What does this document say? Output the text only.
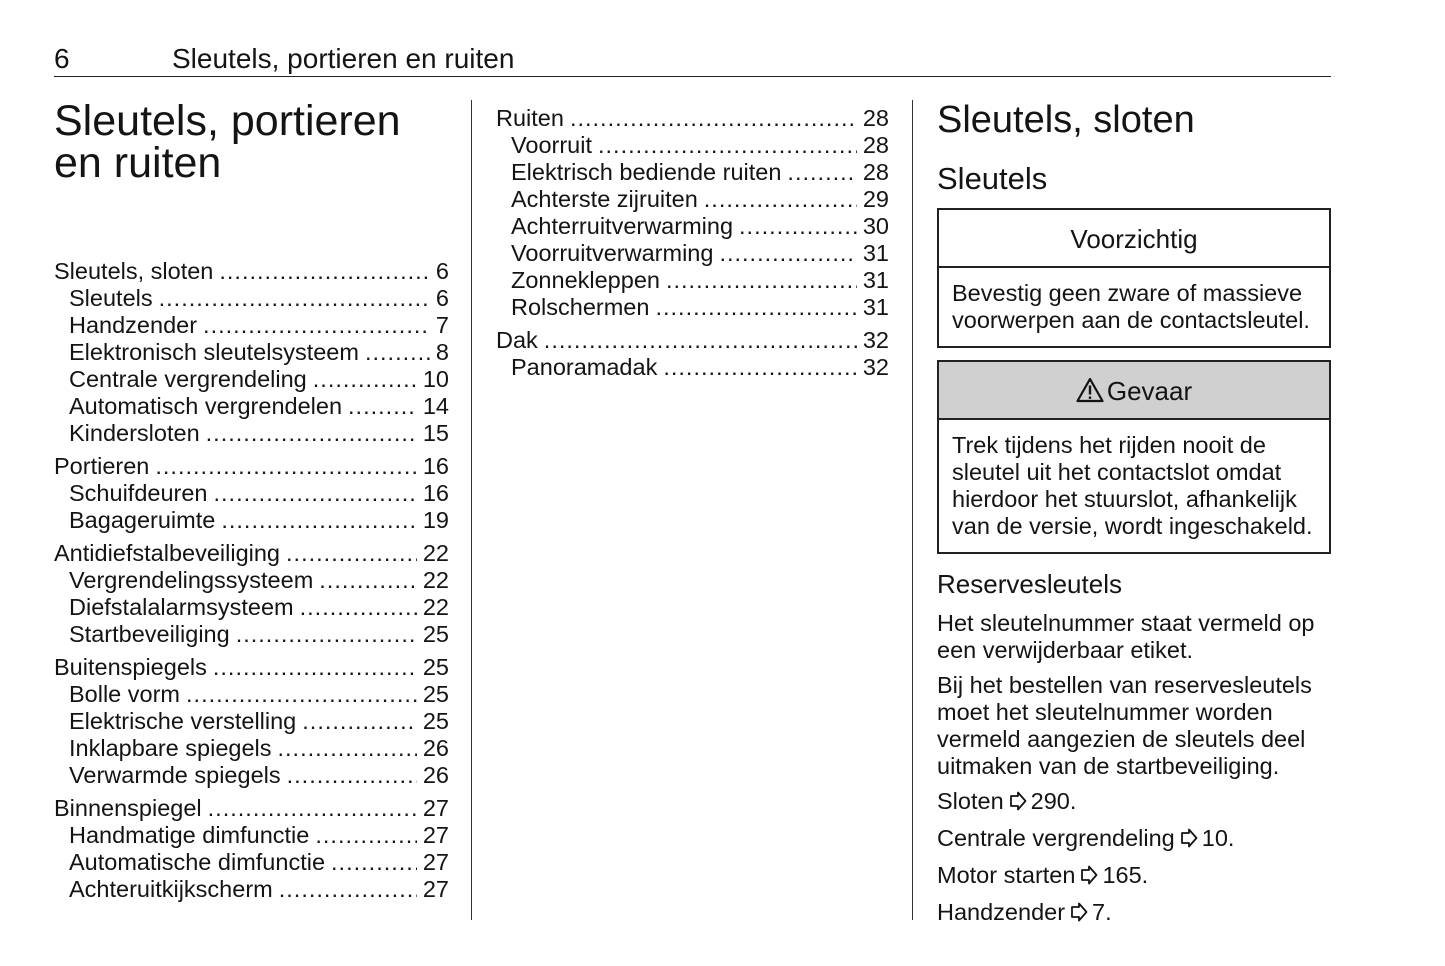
6	Sleutels, portieren en ruiten
Sleutels, portieren
en ruiten
Sleutels, sloten .....	6
Sleutels .....	6
Handzender .....	7
Elektronisch sleutelsysteem .....	8
Centrale vergrendeling .....	10
Automatisch vergrendelen .....	14
Kindersloten .....	15
Portieren .....	16
Schuifdeuren .....	16
Bagageruimte .....	19
Antidiefstalbeveiliging .....	22
Vergrendelingssysteem .....	22
Diefstalalarmsysteem .....	22
Startbeveiliging .....	25
Buitenspiegels .....	25
Bolle vorm .....	25
Elektrische verstelling .....	25
Inklapbare spiegels .....	26
Verwarmde spiegels .....	26
Binnenspiegel .....	27
Handmatige dimfunctie .....	27
Automatische dimfunctie .....	27
Achteruitkijkscherm .....	27
Ruiten .....	28
Voorruit .....	28
Elektrisch bediende ruiten .....	28
Achterste zijruiten .....	29
Achterruitverwarming .....	30
Voorruitverwarming .....	31
Zonnekleppen .....	31
Rolschermen .....	31
Dak .....	32
Panoramadak .....	32
Sleutels, sloten
Sleutels
Voorzichtig
Bevestig geen zware of massieve voorwerpen aan de contactsleutel.
Gevaar
Trek tijdens het rijden nooit de sleutel uit het contactslot omdat hierdoor het stuurslot, afhankelijk van de versie, wordt ingeschakeld.
Reservesleutels

Het sleutelnummer staat vermeld op een verwijderbaar etiket.

Bij het bestellen van reservesleutels moet het sleutelnummer worden vermeld aangezien de sleutels deel uitmaken van de startbeveiliging.

Sloten 290.

Centrale vergrendeling 10.

Motor starten 165.

Handzender 7.
